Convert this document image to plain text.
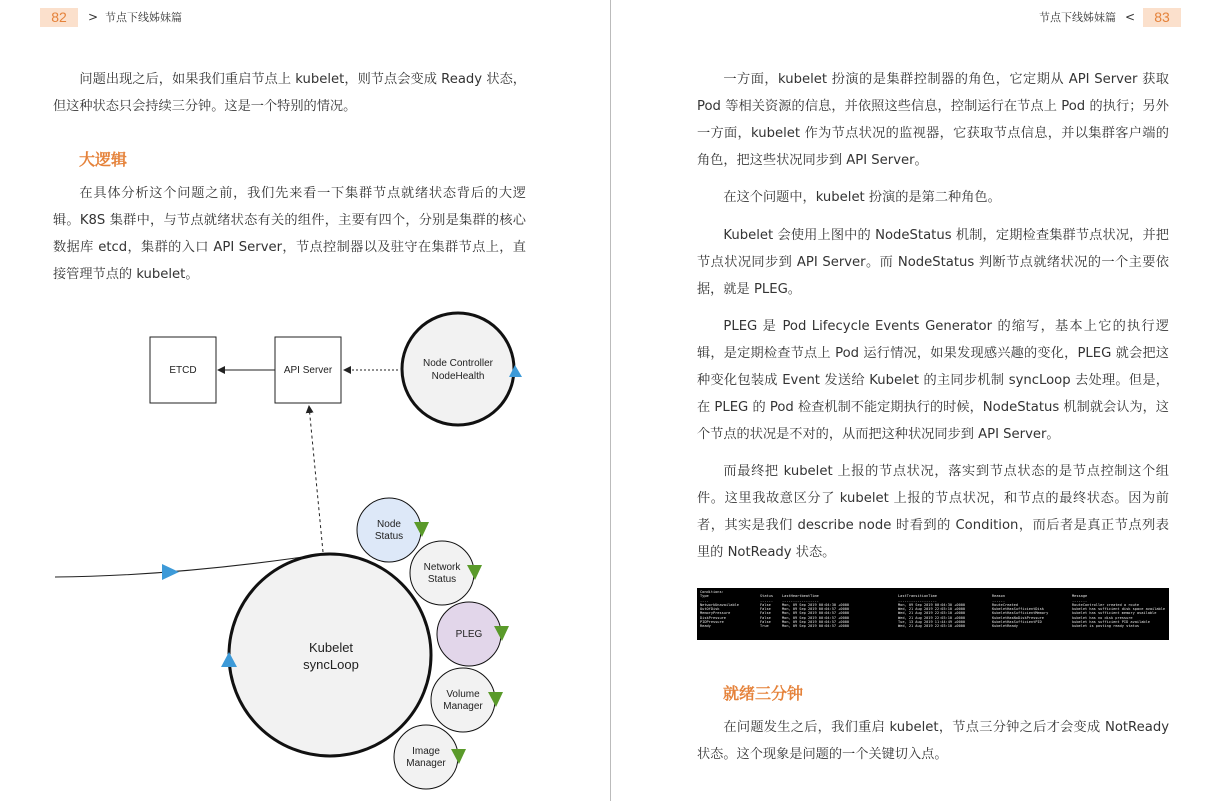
82	> 节点下线姊妹篇

问题出现之后，如果我们重启节点上 kubelet，则节点会变成 Ready 状态，但这种状态只会持续三分钟。这是一个特别的情况。

大逻辑

在具体分析这个问题之前，我们先来看一下集群节点就绪状态背后的大逻辑。K8S 集群中，与节点就绪状态有关的组件，主要有四个，分别是集群的核心数据库 etcd，集群的入口 API Server，节点控制器以及驻守在集群节点上，直接管理节点的 kubelet。

ETCD	API Server
Node Controller
NodeHealth
Kubelet
syncLoop
Node
Status
Network
Status
PLEG
Volume
Manager
Image
Manager
节点下线姊妹篇 <	83

一方面，kubelet 扮演的是集群控制器的角色，它定期从 API Server 获取 Pod 等相关资源的信息，并依照这些信息，控制运行在节点上 Pod 的执行；另外一方面，kubelet 作为节点状况的监视器，它获取节点信息，并以集群客户端的角色，把这些状况同步到 API Server。

在这个问题中，kubelet 扮演的是第二种角色。

Kubelet 会使用上图中的 NodeStatus 机制，定期检查集群节点状况，并把节点状况同步到 API Server。而 NodeStatus 判断节点就绪状况的一个主要依据，就是 PLEG。

PLEG 是 Pod Lifecycle Events Generator 的缩写，基本上它的执行逻辑，是定期检查节点上 Pod 运行情况，如果发现感兴趣的变化，PLEG 就会把这种变化包装成 Event 发送给 Kubelet 的主同步机制 syncLoop 去处理。但是，在 PLEG 的 Pod 检查机制不能定期执行的时候，NodeStatus 机制就会认为，这个节点的状况是不对的，从而把这种状况同步到 API Server。

而最终把 kubelet 上报的节点状况，落实到节点状态的是节点控制这个组件。这里我故意区分了 kubelet 上报的节点状况，和节点的最终状态。因为前者，其实是我们 describe node 时看到的 Condition，而后者是真正节点列表里的 NotReady 状态。

Conditions:
Type	Status	LastHeartbeatTime	LastTransitionTime	Reason	Message
----	------	-----------------	------------------	------	-------
NetworkUnavailable	False	Mon, 09 Sep 2019 00:04:30 +0000	Mon, 09 Sep 2019 00:04:30 +0000	RouteCreated	RouteController created a route
OutOfDisk	False	Mon, 09 Sep 2019 00:04:57 +0000	Wed, 21 Aug 2019 22:03:10 +0000	KubeletHasSufficientDisk	kubelet has sufficient disk space available
MemoryPressure	False	Mon, 09 Sep 2019 00:04:57 +0000	Wed, 21 Aug 2019 22:03:10 +0000	KubeletHasSufficientMemory	kubelet has sufficient memory available
DiskPressure	False	Mon, 09 Sep 2019 00:04:57 +0000	Wed, 21 Aug 2019 22:03:10 +0000	KubeletHasNoDiskPressure	kubelet has no disk pressure
PIDPressure	False	Mon, 09 Sep 2019 00:04:57 +0000	Tue, 13 Aug 2019 11:44:49 +0000	KubeletHasSufficientPID	kubelet has sufficient PID available
Ready	True	Mon, 09 Sep 2019 00:04:57 +0000	Wed, 21 Aug 2019 22:03:10 +0000	KubeletReady	kubelet is posting ready status
就绪三分钟

在问题发生之后，我们重启 kubelet，节点三分钟之后才会变成 NotReady 状态。这个现象是问题的一个关键切入点。
